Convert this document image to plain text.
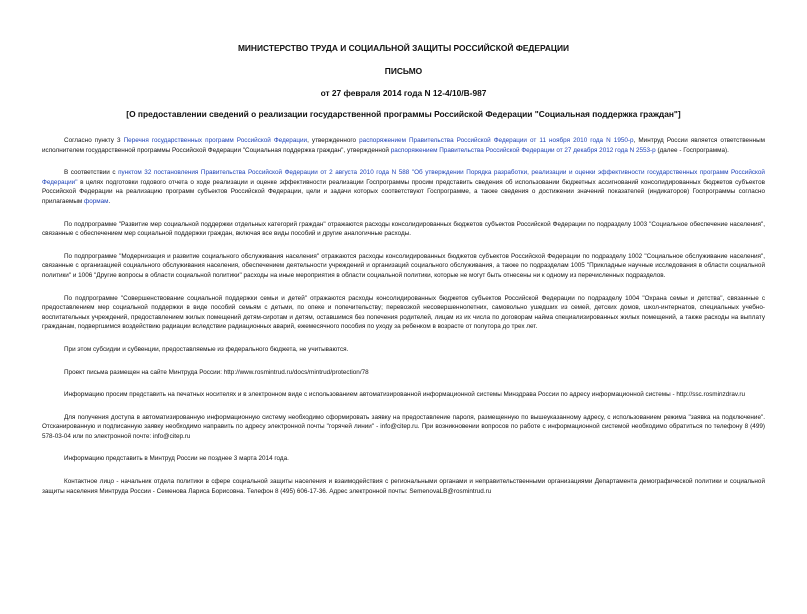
МИНИСТЕРСТВО ТРУДА И СОЦИАЛЬНОЙ ЗАЩИТЫ РОССИЙСКОЙ ФЕДЕРАЦИИ
ПИСЬМО
от 27 февраля 2014 года N 12-4/10/В-987
[О предоставлении сведений о реализации государственной программы Российской Федерации "Социальная поддержка граждан"]

Согласно пункту 3 Перечня государственных программ Российской Федерации, утвержденного распоряжением Правительства Российской Федерации от 11 ноября 2010 года N 1950-р, Минтруд России является ответственным исполнителем государственной программы Российской Федерации "Социальная поддержка граждан", утвержденной распоряжением Правительства Российской Федерации от 27 декабря 2012 года N 2553-р (далее - Госпрограмма).

В соответствии с пунктом 32 постановления Правительства Российской Федерации от 2 августа 2010 года N 588 "Об утверждении Порядка разработки, реализации и оценки эффективности государственных программ Российской Федерации" в целях подготовки годового отчета о ходе реализации и оценке эффективности реализации Госпрограммы просим представить сведения об использовании бюджетных ассигнований консолидированных бюджетов субъектов Российской Федерации на реализацию программ субъектов Российской Федерации, цели и задачи которых соответствуют Госпрограмме, а также сведения о достижении значений показателей (индикаторов) Госпрограммы согласно прилагаемым формам.

По подпрограмме "Развитие мер социальной поддержки отдельных категорий граждан" отражаются расходы консолидированных бюджетов субъектов Российской Федерации по подразделу 1003 "Социальное обеспечение населения", связанные с обеспечением мер социальной поддержки граждан, включая все виды пособий и другие аналогичные расходы.

По подпрограмме "Модернизация и развитие социального обслуживания населения" отражаются расходы консолидированных бюджетов субъектов Российской Федерации по подразделу 1002 "Социальное обслуживание населения", связанные с организацией социального обслуживания населения, обеспечением деятельности учреждений и организаций социального обслуживания, а также по подразделам 1005 "Прикладные научные исследования в области социальной политики" и 1006 "Другие вопросы в области социальной политики" расходы на иные мероприятия в области социальной политики, которые не могут быть отнесены ни к одному из перечисленных подразделов.

По подпрограмме "Совершенствование социальной поддержки семьи и детей" отражаются расходы консолидированных бюджетов субъектов Российской Федерации по подразделу 1004 "Охрана семьи и детства", связанные с предоставлением мер социальной поддержки в виде пособий семьям с детьми, по опеке и попечительству; перевозкой несовершеннолетних, самовольно ушедших из семей, детских домов, школ-интернатов, специальных учебно-воспитательных учреждений, предоставлением жилых помещений детям-сиротам и детям, оставшимся без попечения родителей, лицам из их числа по договорам найма специализированных жилых помещений, а также расходы на выплату гражданам, подвергшимся воздействию радиации вследствие радиационных аварий, ежемесячного пособия по уходу за ребенком в возрасте от полутора до трех лет.

При этом субсидии и субвенции, предоставляемые из федерального бюджета, не учитываются.

Проект письма размещен на сайте Минтруда России: http://www.rosmintrud.ru/docs/mintrud/protection/78

Информацию просим представить на печатных носителях и в электронном виде с использованием автоматизированной информационной системы Минздрава России по адресу информационной системы - http://ssc.rosminzdrav.ru

Для получения доступа в автоматизированную информационную систему необходимо сформировать заявку на предоставление пароля, размещенную по вышеуказанному адресу, с использованием режима "заявка на подключение". Отсканированную и подписанную заявку необходимо направить по адресу электронной почты "горячей линии" - info@citep.ru. При возникновении вопросов по работе с информационной системой необходимо обратиться по телефону 8 (499) 578-03-04 или по электронной почте: info@citep.ru

Информацию представить в Минтруд России не позднее 3 марта 2014 года.

Контактное лицо - начальник отдела политики в сфере социальной защиты населения и взаимодействия с региональными органами и неправительственными организациями Департамента демографической политики и социальной защиты населения Минтруда России - Семенова Лариса Борисовна. Телефон 8 (495) 606-17-36. Адрес электронной почты: SemenovaLB@rosmintrud.ru
